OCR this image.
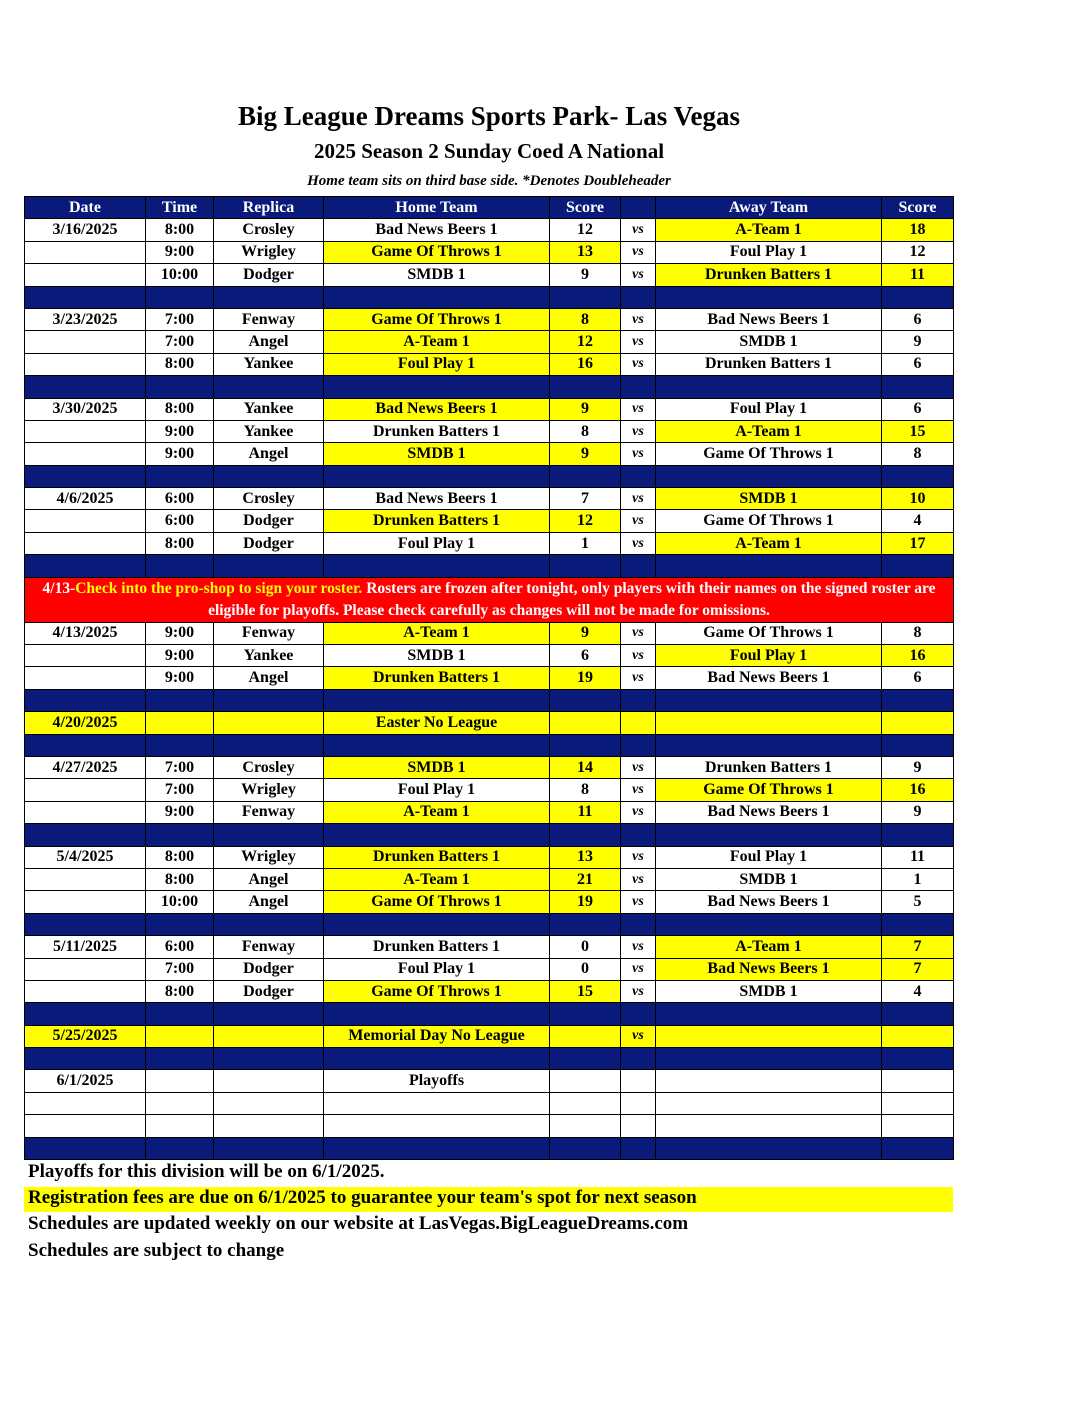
Big League Dreams Sports Park- Las Vegas
2025 Season 2 Sunday Coed A National
Home team sits on third base side. *Denotes Doubleheader
Date	Time	Replica	Home Team	Score		Away Team	Score
3/16/2025	8:00	Crosley	Bad News Beers 1	12	vs	A-Team 1	18
	9:00	Wrigley	Game Of Throws 1	13	vs	Foul Play 1	12
	10:00	Dodger	SMDB 1	9	vs	Drunken Batters 1	11

3/23/2025	7:00	Fenway	Game Of Throws 1	8	vs	Bad News Beers 1	6
	7:00	Angel	A-Team 1	12	vs	SMDB 1	9
	8:00	Yankee	Foul Play 1	16	vs	Drunken Batters 1	6

3/30/2025	8:00	Yankee	Bad News Beers 1	9	vs	Foul Play 1	6
	9:00	Yankee	Drunken Batters 1	8	vs	A-Team 1	15
	9:00	Angel	SMDB 1	9	vs	Game Of Throws 1	8

4/6/2025	6:00	Crosley	Bad News Beers 1	7	vs	SMDB 1	10
	6:00	Dodger	Drunken Batters 1	12	vs	Game Of Throws 1	4
	8:00	Dodger	Foul Play 1	1	vs	A-Team 1	17

4/13-Check into the pro-shop to sign your roster. Rosters are frozen after tonight, only players with their names on the signed roster are eligible for playoffs. Please check carefully as changes will not be made for omissions.							
4/13/2025	9:00	Fenway	A-Team 1	9	vs	Game Of Throws 1	8
	9:00	Yankee	SMDB 1	6	vs	Foul Play 1	16
	9:00	Angel	Drunken Batters 1	19	vs	Bad News Beers 1	6

4/20/2025			Easter No League				

4/27/2025	7:00	Crosley	SMDB 1	14	vs	Drunken Batters 1	9
	7:00	Wrigley	Foul Play 1	8	vs	Game Of Throws 1	16
	9:00	Fenway	A-Team 1	11	vs	Bad News Beers 1	9

5/4/2025	8:00	Wrigley	Drunken Batters 1	13	vs	Foul Play 1	11
	8:00	Angel	A-Team 1	21	vs	SMDB 1	1
	10:00	Angel	Game Of Throws 1	19	vs	Bad News Beers 1	5

5/11/2025	6:00	Fenway	Drunken Batters 1	0	vs	A-Team 1	7
	7:00	Dodger	Foul Play 1	0	vs	Bad News Beers 1	7
	8:00	Dodger	Game Of Throws 1	15	vs	SMDB 1	4

5/25/2025			Memorial Day No League		vs		

6/1/2025			Playoffs				

Playoffs for this division will be on 6/1/2025.
Registration fees are due on 6/1/2025 to guarantee your team's spot for next season
Schedules are updated weekly on our website at LasVegas.BigLeagueDreams.com
Schedules are subject to change
